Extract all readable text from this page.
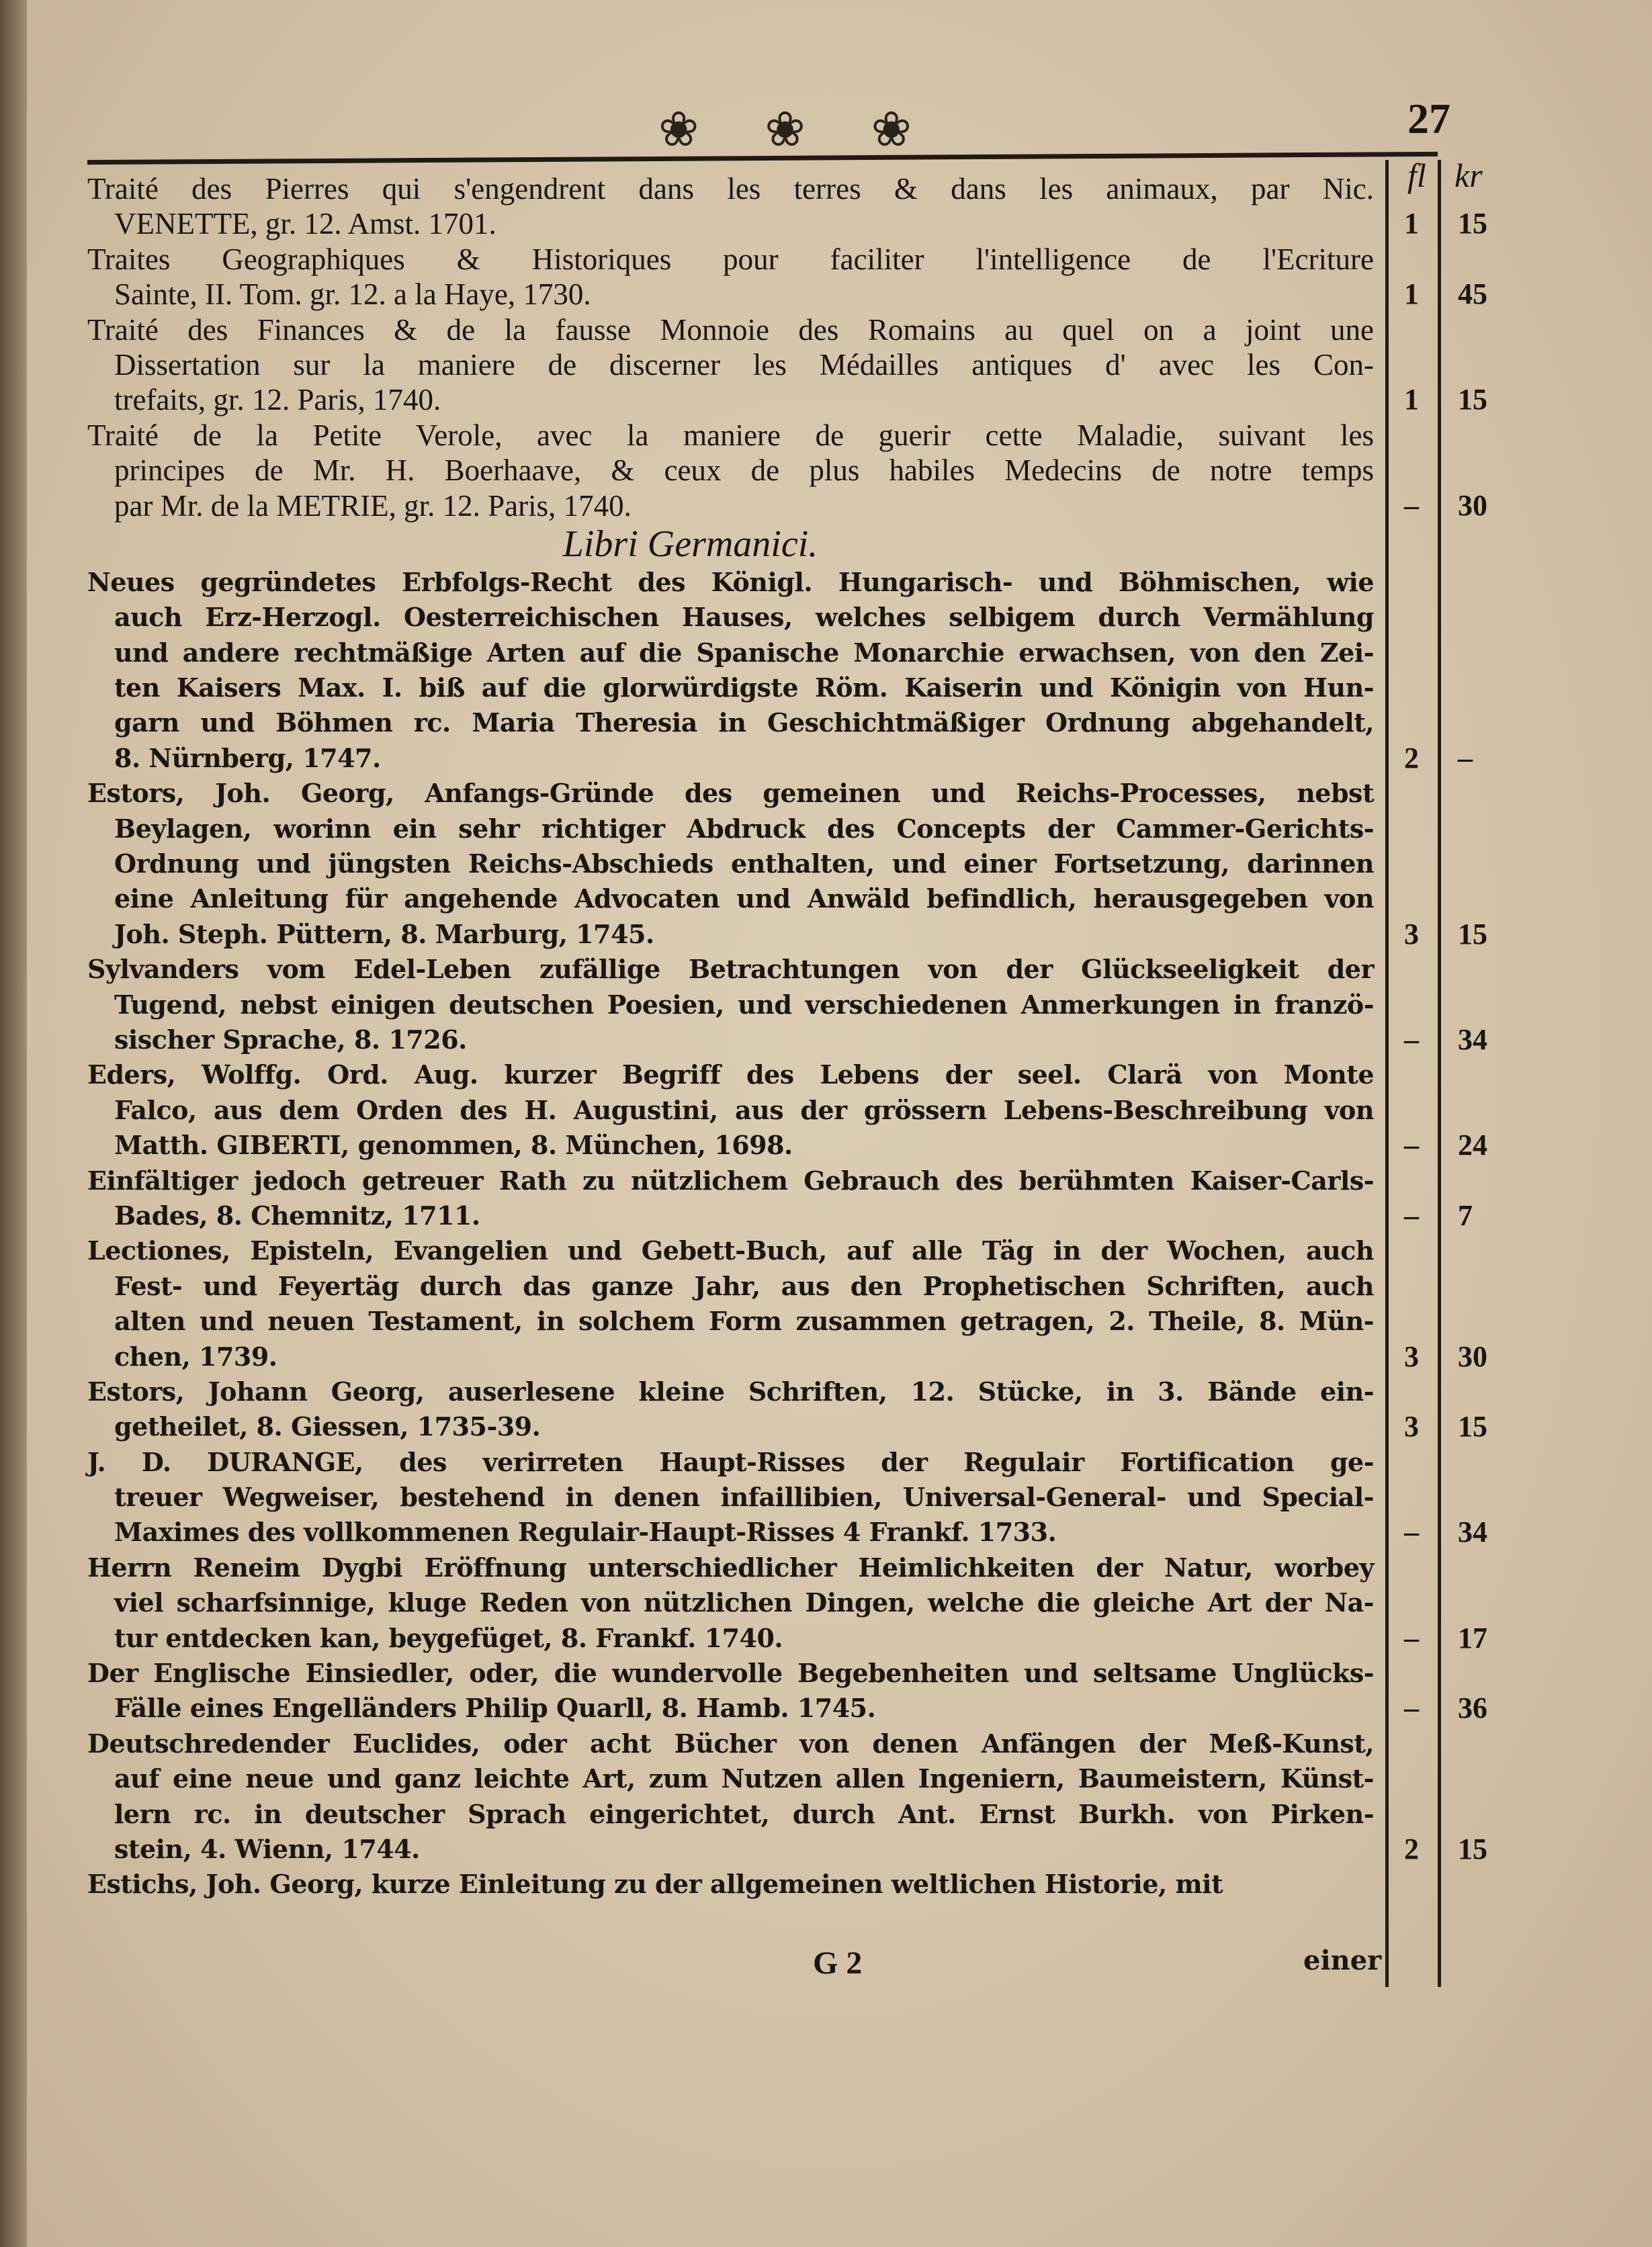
❀ ❀ ❀	27
fl kr
Traité des Pierres qui s'engendrent dans les terres & dans les animaux, par Nic.
VENETTE, gr. 12. Amst. 1701.	1	15
Traites Geographiques & Historiques pour faciliter l'intelligence de l'Ecriture
Sainte, II. Tom. gr. 12. a la Haye, 1730.	1	45
Traité des Finances & de la fausse Monnoie des Romains au quel on a joint une
Dissertation sur la maniere de discerner les Médailles antiques d' avec les Con-
trefaits, gr. 12. Paris, 1740.	1	15
Traité de la Petite Verole, avec la maniere de guerir cette Maladie, suivant les
principes de Mr. H. Boerhaave, & ceux de plus habiles Medecins de notre temps
par Mr. de la METRIE, gr. 12. Paris, 1740.	–	30
Libri Germanici.
Neues gegründetes Erbfolgs-Recht des Königl. Hungarisch- und Böhmischen, wie
auch Erz-Herzogl. Oesterreichischen Hauses, welches selbigem durch Vermählung
und andere rechtmäßige Arten auf die Spanische Monarchie erwachsen, von den Zei-
ten Kaisers Max. I. biß auf die glorwürdigste Röm. Kaiserin und Königin von Hun-
garn und Böhmen rc. Maria Theresia in Geschichtmäßiger Ordnung abgehandelt,
8. Nürnberg, 1747.	2	–
Estors, Joh. Georg, Anfangs-Gründe des gemeinen und Reichs-Processes, nebst
Beylagen, worinn ein sehr richtiger Abdruck des Concepts der Cammer-Gerichts-
Ordnung und jüngsten Reichs-Abschieds enthalten, und einer Fortsetzung, darinnen
eine Anleitung für angehende Advocaten und Anwäld befindlich, herausgegeben von
Joh. Steph. Püttern, 8. Marburg, 1745.	3	15
Sylvanders vom Edel-Leben zufällige Betrachtungen von der Glückseeligkeit der
Tugend, nebst einigen deutschen Poesien, und verschiedenen Anmerkungen in franzö-
sischer Sprache, 8. 1726.	–	34
Eders, Wolffg. Ord. Aug. kurzer Begriff des Lebens der seel. Clarä von Monte
Falco, aus dem Orden des H. Augustini, aus der grössern Lebens-Beschreibung von
Matth. GIBERTI, genommen, 8. München, 1698.	–	24
Einfältiger jedoch getreuer Rath zu nützlichem Gebrauch des berühmten Kaiser-Carls-
Bades, 8. Chemnitz, 1711.	–	7
Lectiones, Episteln, Evangelien und Gebett-Buch, auf alle Täg in der Wochen, auch
Fest- und Feyertäg durch das ganze Jahr, aus den Prophetischen Schriften, auch
alten und neuen Testament, in solchem Form zusammen getragen, 2. Theile, 8. Mün-
chen, 1739.	3	30
Estors, Johann Georg, auserlesene kleine Schriften, 12. Stücke, in 3. Bände ein-
getheilet, 8. Giessen, 1735-39.	3	15
J. D. DURANGE, des verirreten Haupt-Risses der Regulair Fortification ge-
treuer Wegweiser, bestehend in denen infaillibien, Universal-General- und Special-
Maximes des vollkommenen Regulair-Haupt-Risses 4 Frankf. 1733.	–	34
Herrn Reneim Dygbi Eröffnung unterschiedlicher Heimlichkeiten der Natur, worbey
viel scharfsinnige, kluge Reden von nützlichen Dingen, welche die gleiche Art der Na-
tur entdecken kan, beygefüget, 8. Frankf. 1740.	–	17
Der Englische Einsiedler, oder, die wundervolle Begebenheiten und seltsame Unglücks-
Fälle eines Engelländers Philip Quarll, 8. Hamb. 1745.	–	36
Deutschredender Euclides, oder acht Bücher von denen Anfängen der Meß-Kunst,
auf eine neue und ganz leichte Art, zum Nutzen allen Ingeniern, Baumeistern, Künst-
lern rc. in deutscher Sprach eingerichtet, durch Ant. Ernst Burkh. von Pirken-
stein, 4. Wienn, 1744.	2	15
Estichs, Joh. Georg, kurze Einleitung zu der allgemeinen weltlichen Historie, mit
G 2	einer
